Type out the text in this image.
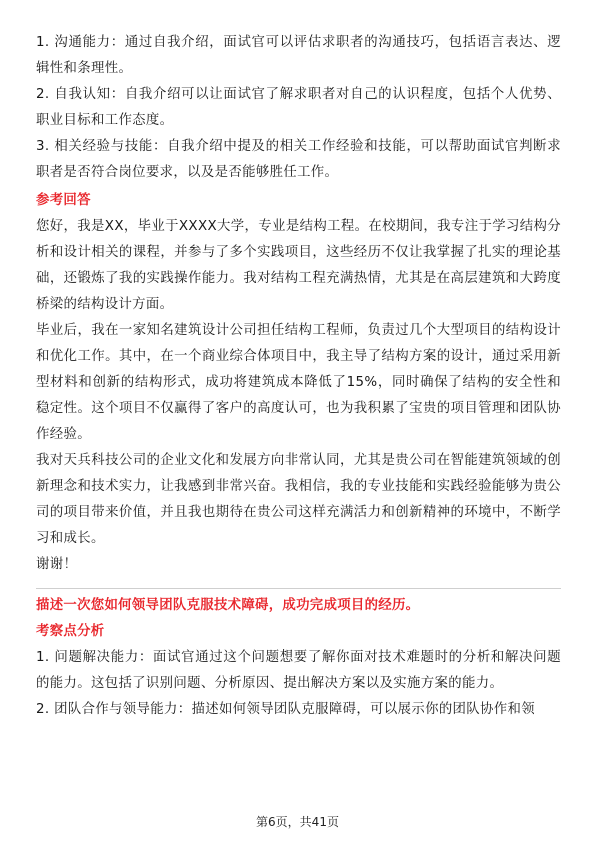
1. 沟通能力：通过自我介绍，面试官可以评估求职者的沟通技巧，包括语言表达、逻辑性和条理性。

2. 自我认知：自我介绍可以让面试官了解求职者对自己的认识程度，包括个人优势、职业目标和工作态度。

3. 相关经验与技能：自我介绍中提及的相关工作经验和技能，可以帮助面试官判断求职者是否符合岗位要求，以及是否能够胜任工作。

参考回答

您好，我是XX，毕业于XXXX大学，专业是结构工程。在校期间，我专注于学习结构分析和设计相关的课程，并参与了多个实践项目，这些经历不仅让我掌握了扎实的理论基础，还锻炼了我的实践操作能力。我对结构工程充满热情，尤其是在高层建筑和大跨度桥梁的结构设计方面。

毕业后，我在一家知名建筑设计公司担任结构工程师，负责过几个大型项目的结构设计和优化工作。其中，在一个商业综合体项目中，我主导了结构方案的设计，通过采用新型材料和创新的结构形式，成功将建筑成本降低了15%，同时确保了结构的安全性和稳定性。这个项目不仅赢得了客户的高度认可，也为我积累了宝贵的项目管理和团队协作经验。

我对天兵科技公司的企业文化和发展方向非常认同，尤其是贵公司在智能建筑领域的创新理念和技术实力，让我感到非常兴奋。我相信，我的专业技能和实践经验能够为贵公司的项目带来价值，并且我也期待在贵公司这样充满活力和创新精神的环境中，不断学习和成长。

谢谢！

描述一次您如何领导团队克服技术障碍，成功完成项目的经历。
考察点分析

1. 问题解决能力：面试官通过这个问题想要了解你面对技术难题时的分析和解决问题的能力。这包括了识别问题、分析原因、提出解决方案以及实施方案的能力。

2. 团队合作与领导能力：描述如何领导团队克服障碍，可以展示你的团队协作和领

第6页，共41页
